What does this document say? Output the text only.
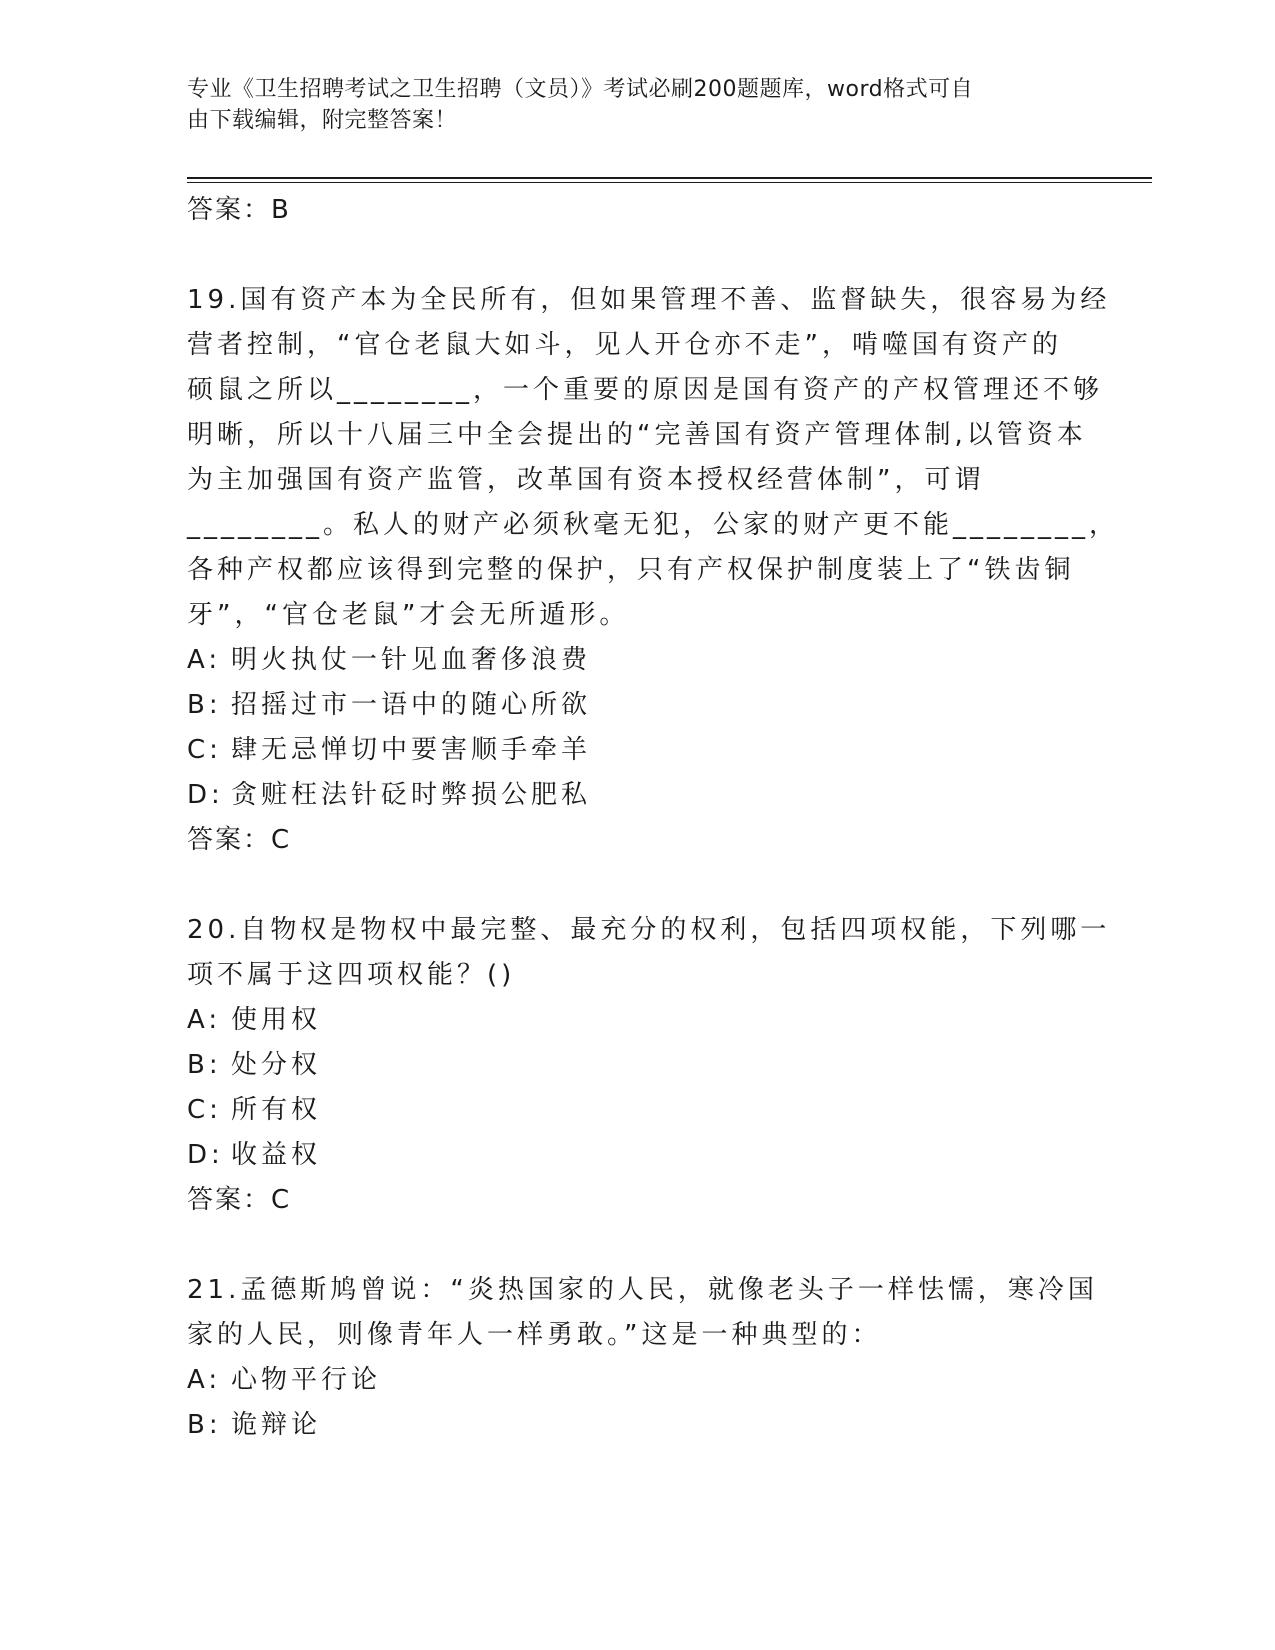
专业《卫生招聘考试之卫生招聘（文员）》考试必刷200题题库，word格式可自
由下载编辑，附完整答案！
答案：B
19.国有资产本为全民所有，但如果管理不善、监督缺失，很容易为经
营者控制，“官仓老鼠大如斗，见人开仓亦不走”，啃噬国有资产的
硕鼠之所以________，一个重要的原因是国有资产的产权管理还不够
明晰，所以十八届三中全会提出的“完善国有资产管理体制,以管资本
为主加强国有资产监管，改革国有资本授权经营体制”，可谓
________。私人的财产必须秋毫无犯，公家的财产更不能________，
各种产权都应该得到完整的保护，只有产权保护制度装上了“铁齿铜
牙”，“官仓老鼠”才会无所遁形。
A: 明火执仗一针见血奢侈浪费
B: 招摇过市一语中的随心所欲
C: 肆无忌惮切中要害顺手牵羊
D: 贪赃枉法针砭时弊损公肥私
答案：C
20.自物权是物权中最完整、最充分的权利，包括四项权能，下列哪一
项不属于这四项权能？()
A: 使用权
B: 处分权
C: 所有权
D: 收益权
答案：C
21.孟德斯鸠曾说：“炎热国家的人民，就像老头子一样怯懦，寒冷国
家的人民，则像青年人一样勇敢。”这是一种典型的：
A: 心物平行论
B: 诡辩论
